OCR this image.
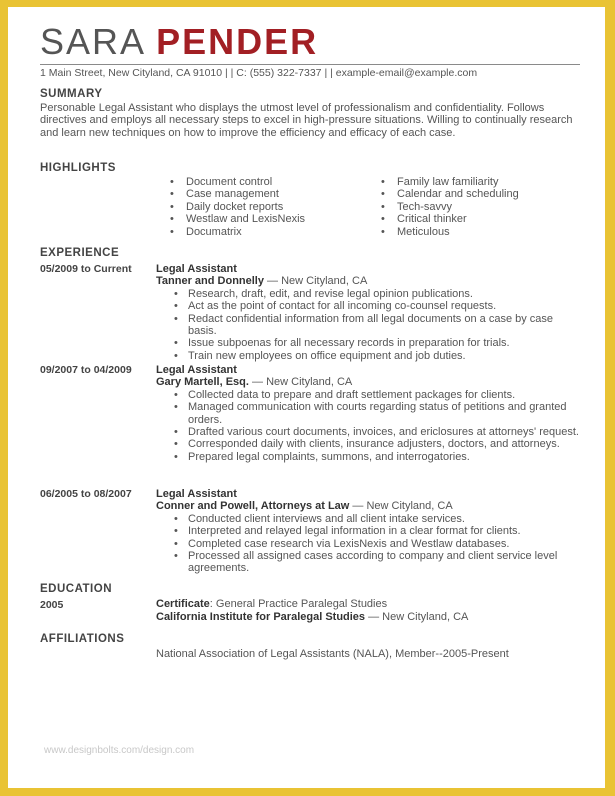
SARA PENDER
1 Main Street, New Cityland, CA 91010 | | C: (555) 322-7337 | | example-email@example.com
SUMMARY
Personable Legal Assistant who displays the utmost level of professionalism and confidentiality. Follows directives and employs all necessary steps to excel in high-pressure situations. Willing to continually research and learn new techniques on how to improve the efficiency and efficacy of each case.
HIGHLIGHTS
• Document control
• Case management
• Daily docket reports
• Westlaw and LexisNexis
• Documatrix
• Family law familiarity
• Calendar and scheduling
• Tech-savvy
• Critical thinker
• Meticulous
EXPERIENCE
05/2009 to Current Legal Assistant
Tanner and Donnelly — New Cityland, CA
• Research, draft, edit, and revise legal opinion publications.
• Act as the point of contact for all incoming co-counsel requests.
• Redact confidential information from all legal documents on a case by case basis.
• Issue subpoenas for all necessary records in preparation for trials.
• Train new employees on office equipment and job duties.
09/2007 to 04/2009 Legal Assistant
Gary Martell, Esq. — New Cityland, CA
• Collected data to prepare and draft settlement packages for clients.
• Managed communication with courts regarding status of petitions and granted orders.
• Drafted various court documents, invoices, and ericlosures at attorneys' request.
• Corresponded daily with clients, insurance adjusters, doctors, and attorneys.
• Prepared legal complaints, summons, and interrogatories.
06/2005 to 08/2007 Legal Assistant
Conner and Powell, Attorneys at Law — New Cityland, CA
• Conducted client interviews and all client intake services.
• Interpreted and relayed legal information in a clear format for clients.
• Completed case research via LexisNexis and Westlaw databases.
• Processed all assigned cases according to company and client service level agreements.
EDUCATION
2005	Certificate: General Practice Paralegal Studies
California Institute for Paralegal Studies — New Cityland, CA
AFFILIATIONS
National Association of Legal Assistants (NALA), Member--2005-Present
www.designbolts.com/design.com
